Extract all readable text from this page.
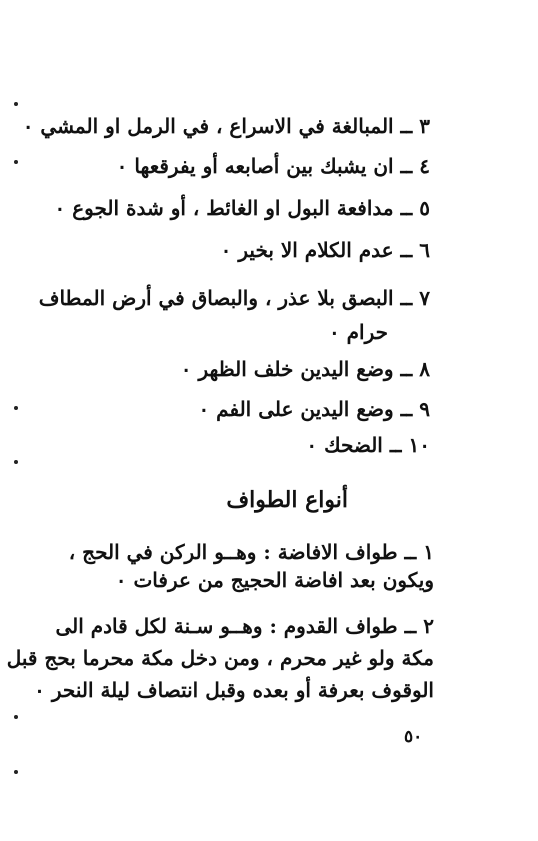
٣ ــ المبالغة في الاسراع ، في الرمل او المشي ٠
٤ ــ ان يشبك بين أصابعه أو يفرقعها ٠
٥ ــ مدافعة البول او الغائط ، أو شدة الجوع ٠
٦ ــ عدم الكلام الا بخير ٠
٧ ــ البصق بلا عذر ، والبصاق في أرض المطاف
حرام ٠
٨ ــ وضع اليدين خلف الظهر ٠
٩ ــ وضع اليدين على الفم ٠
١٠ ــ الضحك ٠
أنواع الطواف
١ ــ طواف الافاضة : وهــو الركن في الحج ،
ويكون بعد افاضة الحجيج من عرفات ٠
٢ ــ طواف القدوم : وهــو سـنة لكل قادم الى
مكة ولو غير محرم ، ومن دخل مكة محرما بحج قبل
الوقوف بعرفة أو بعده وقبل انتصاف ليلة النحر ٠
٥٠
